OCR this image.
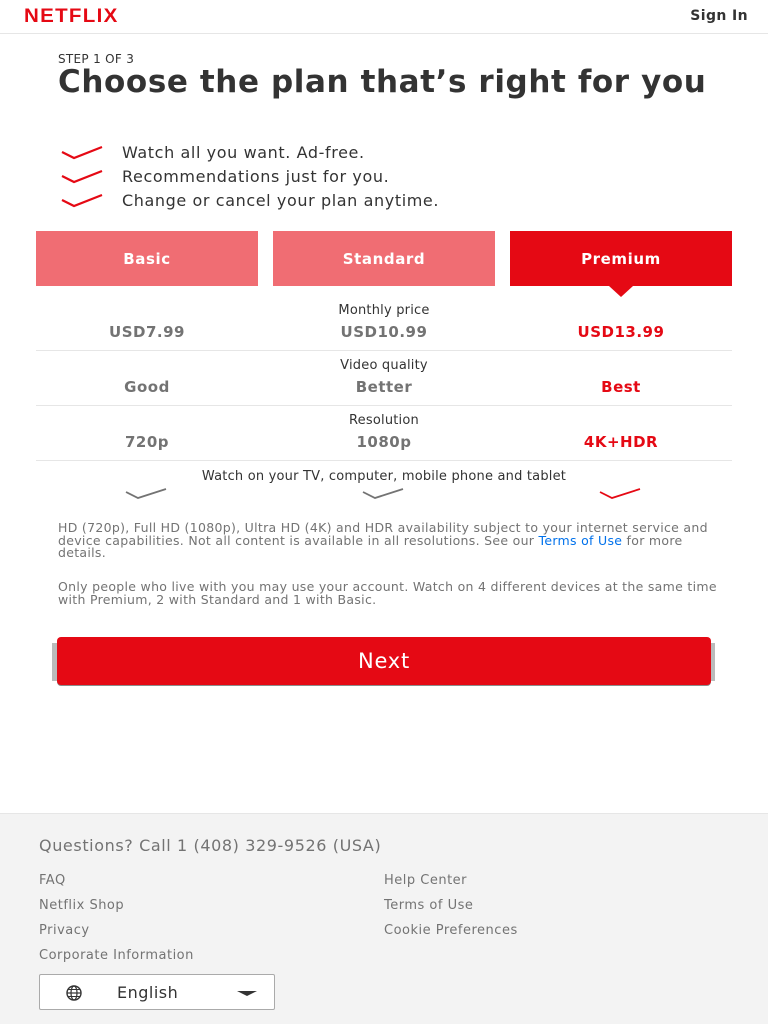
NETFLIX	Sign In
STEP 1 OF 3
Choose the plan that’s right for you
Watch all you want. Ad-free.
Recommendations just for you.
Change or cancel your plan anytime.
Basic	Standard	Premium
Monthly price
USD7.99	USD10.99	USD13.99
Video quality
Good	Better	Best
Resolution
720p	1080p	4K+HDR
Watch on your TV, computer, mobile phone and tablet

HD (720p), Full HD (1080p), Ultra HD (4K) and HDR availability subject to your internet service and device capabilities. Not all content is available in all resolutions. See our Terms of Use for more details.

Only people who live with you may use your account. Watch on 4 different devices at the same time with Premium, 2 with Standard and 1 with Basic.

Next
Questions? Call 1 (408) 329-9526 (USA)
FAQ
Netflix Shop
Privacy
Corporate Information
Help Center
Terms of Use
Cookie Preferences
English
